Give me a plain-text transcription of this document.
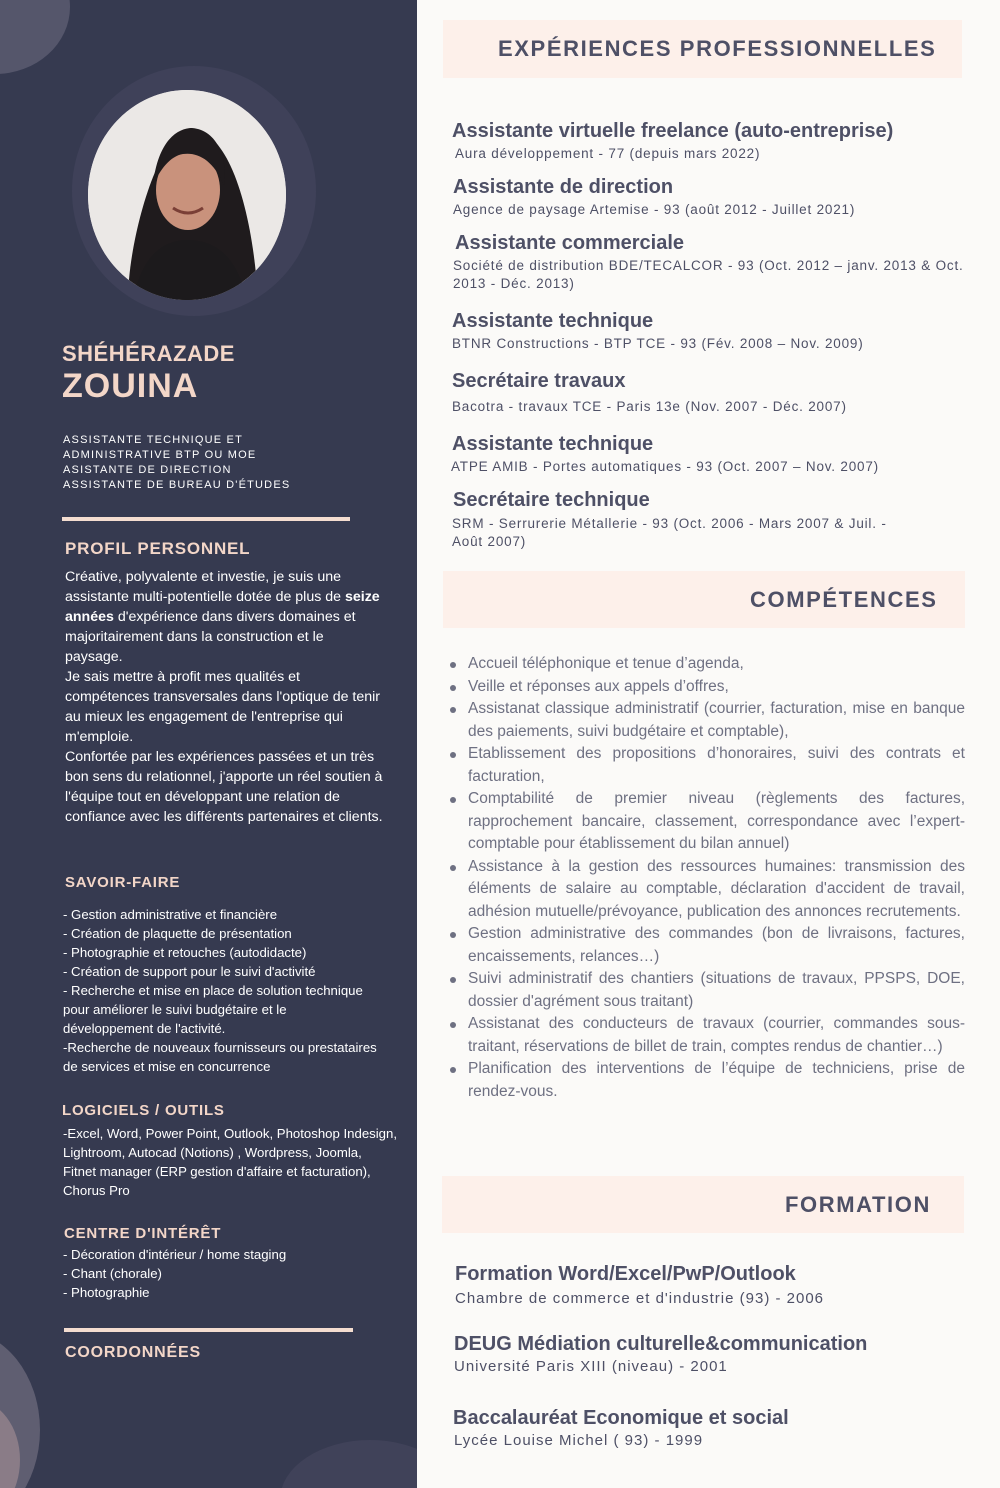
SHÉHÉRAZADE
ZOUINA
ASSISTANTE TECHNIQUE ET
ADMINISTRATIVE BTP OU MOE
ASISTANTE DE DIRECTION
ASSISTANTE DE BUREAU D'ÉTUDES
PROFIL PERSONNEL

Créative, polyvalente et investie, je suis une assistante multi-potentielle dotée de plus de seize années d'expérience dans divers domaines et majoritairement dans la construction et le paysage.

Je sais mettre à profit mes qualités et compétences transversales dans l'optique de tenir au mieux les engagement de l'entreprise qui m'emploie.

Confortée par les expériences passées et un très bon sens du relationnel, j'apporte un réel soutien à l'équipe tout en développant une relation de confiance avec les différents partenaires et clients.

SAVOIR-FAIRE
- Gestion administrative et financière
- Création de plaquette de présentation
- Photographie et retouches (autodidacte)
- Création de support pour le suivi d'activité
- Recherche et mise en place de solution technique pour améliorer le suivi budgétaire et le développement de l'activité.
-Recherche de nouveaux fournisseurs ou prestataires de services et mise en concurrence
LOGICIELS / OUTILS
-Excel, Word, Power Point, Outlook, Photoshop Indesign, Lightroom, Autocad (Notions) , Wordpress, Joomla, Fitnet manager (ERP gestion d'affaire et facturation), Chorus Pro
CENTRE D'INTÉRÊT
- Décoration d'intérieur / home staging
- Chant (chorale)
- Photographie
COORDONNÉES
EXPÉRIENCES PROFESSIONNELLES
Assistante virtuelle freelance (auto-entreprise)
Aura développement - 77 (depuis mars 2022)
Assistante de direction
Agence de paysage Artemise - 93 (août 2012 - Juillet 2021)
Assistante commerciale
Société de distribution BDE/TECALCOR - 93 (Oct. 2012 – janv. 2013 & Oct. 2013 - Déc. 2013)
Assistante technique
BTNR Constructions - BTP TCE - 93 (Fév. 2008 – Nov. 2009)
Secrétaire travaux
Bacotra - travaux TCE - Paris 13e (Nov. 2007 - Déc. 2007)
Assistante technique
ATPE AMIB - Portes automatiques - 93 (Oct. 2007 – Nov. 2007)
Secrétaire technique
SRM - Serrurerie Métallerie - 93 (Oct. 2006 - Mars 2007 & Juil. - Août 2007)
COMPÉTENCES
Accueil téléphonique et tenue d’agenda,
Veille et réponses aux appels d’offres,
Assistanat classique administratif (courrier, facturation, mise en banque des paiements, suivi budgétaire et comptable),
Etablissement des propositions d’honoraires, suivi des contrats et facturation,
Comptabilité de premier niveau (règlements des factures, rapprochement bancaire, classement, correspondance avec l’expert-comptable pour établissement du bilan annuel)
Assistance à la gestion des ressources humaines: transmission des éléments de salaire au comptable, déclaration d'accident de travail, adhésion mutuelle/prévoyance, publication des annonces recrutements.
Gestion administrative des commandes (bon de livraisons, factures, encaissements, relances…)
Suivi administratif des chantiers (situations de travaux, PPSPS, DOE, dossier d'agrément sous traitant)
Assistanat des conducteurs de travaux (courrier, commandes sous-traitant, réservations de billet de train, comptes rendus de chantier…)
Planification des interventions de l’équipe de techniciens, prise de rendez-vous.
FORMATION
Formation Word/Excel/PwP/Outlook
Chambre de commerce et d'industrie (93) - 2006
DEUG Médiation culturelle&communication
Université Paris XIII (niveau) - 2001
Baccalauréat Economique et social
Lycée Louise Michel ( 93) - 1999
